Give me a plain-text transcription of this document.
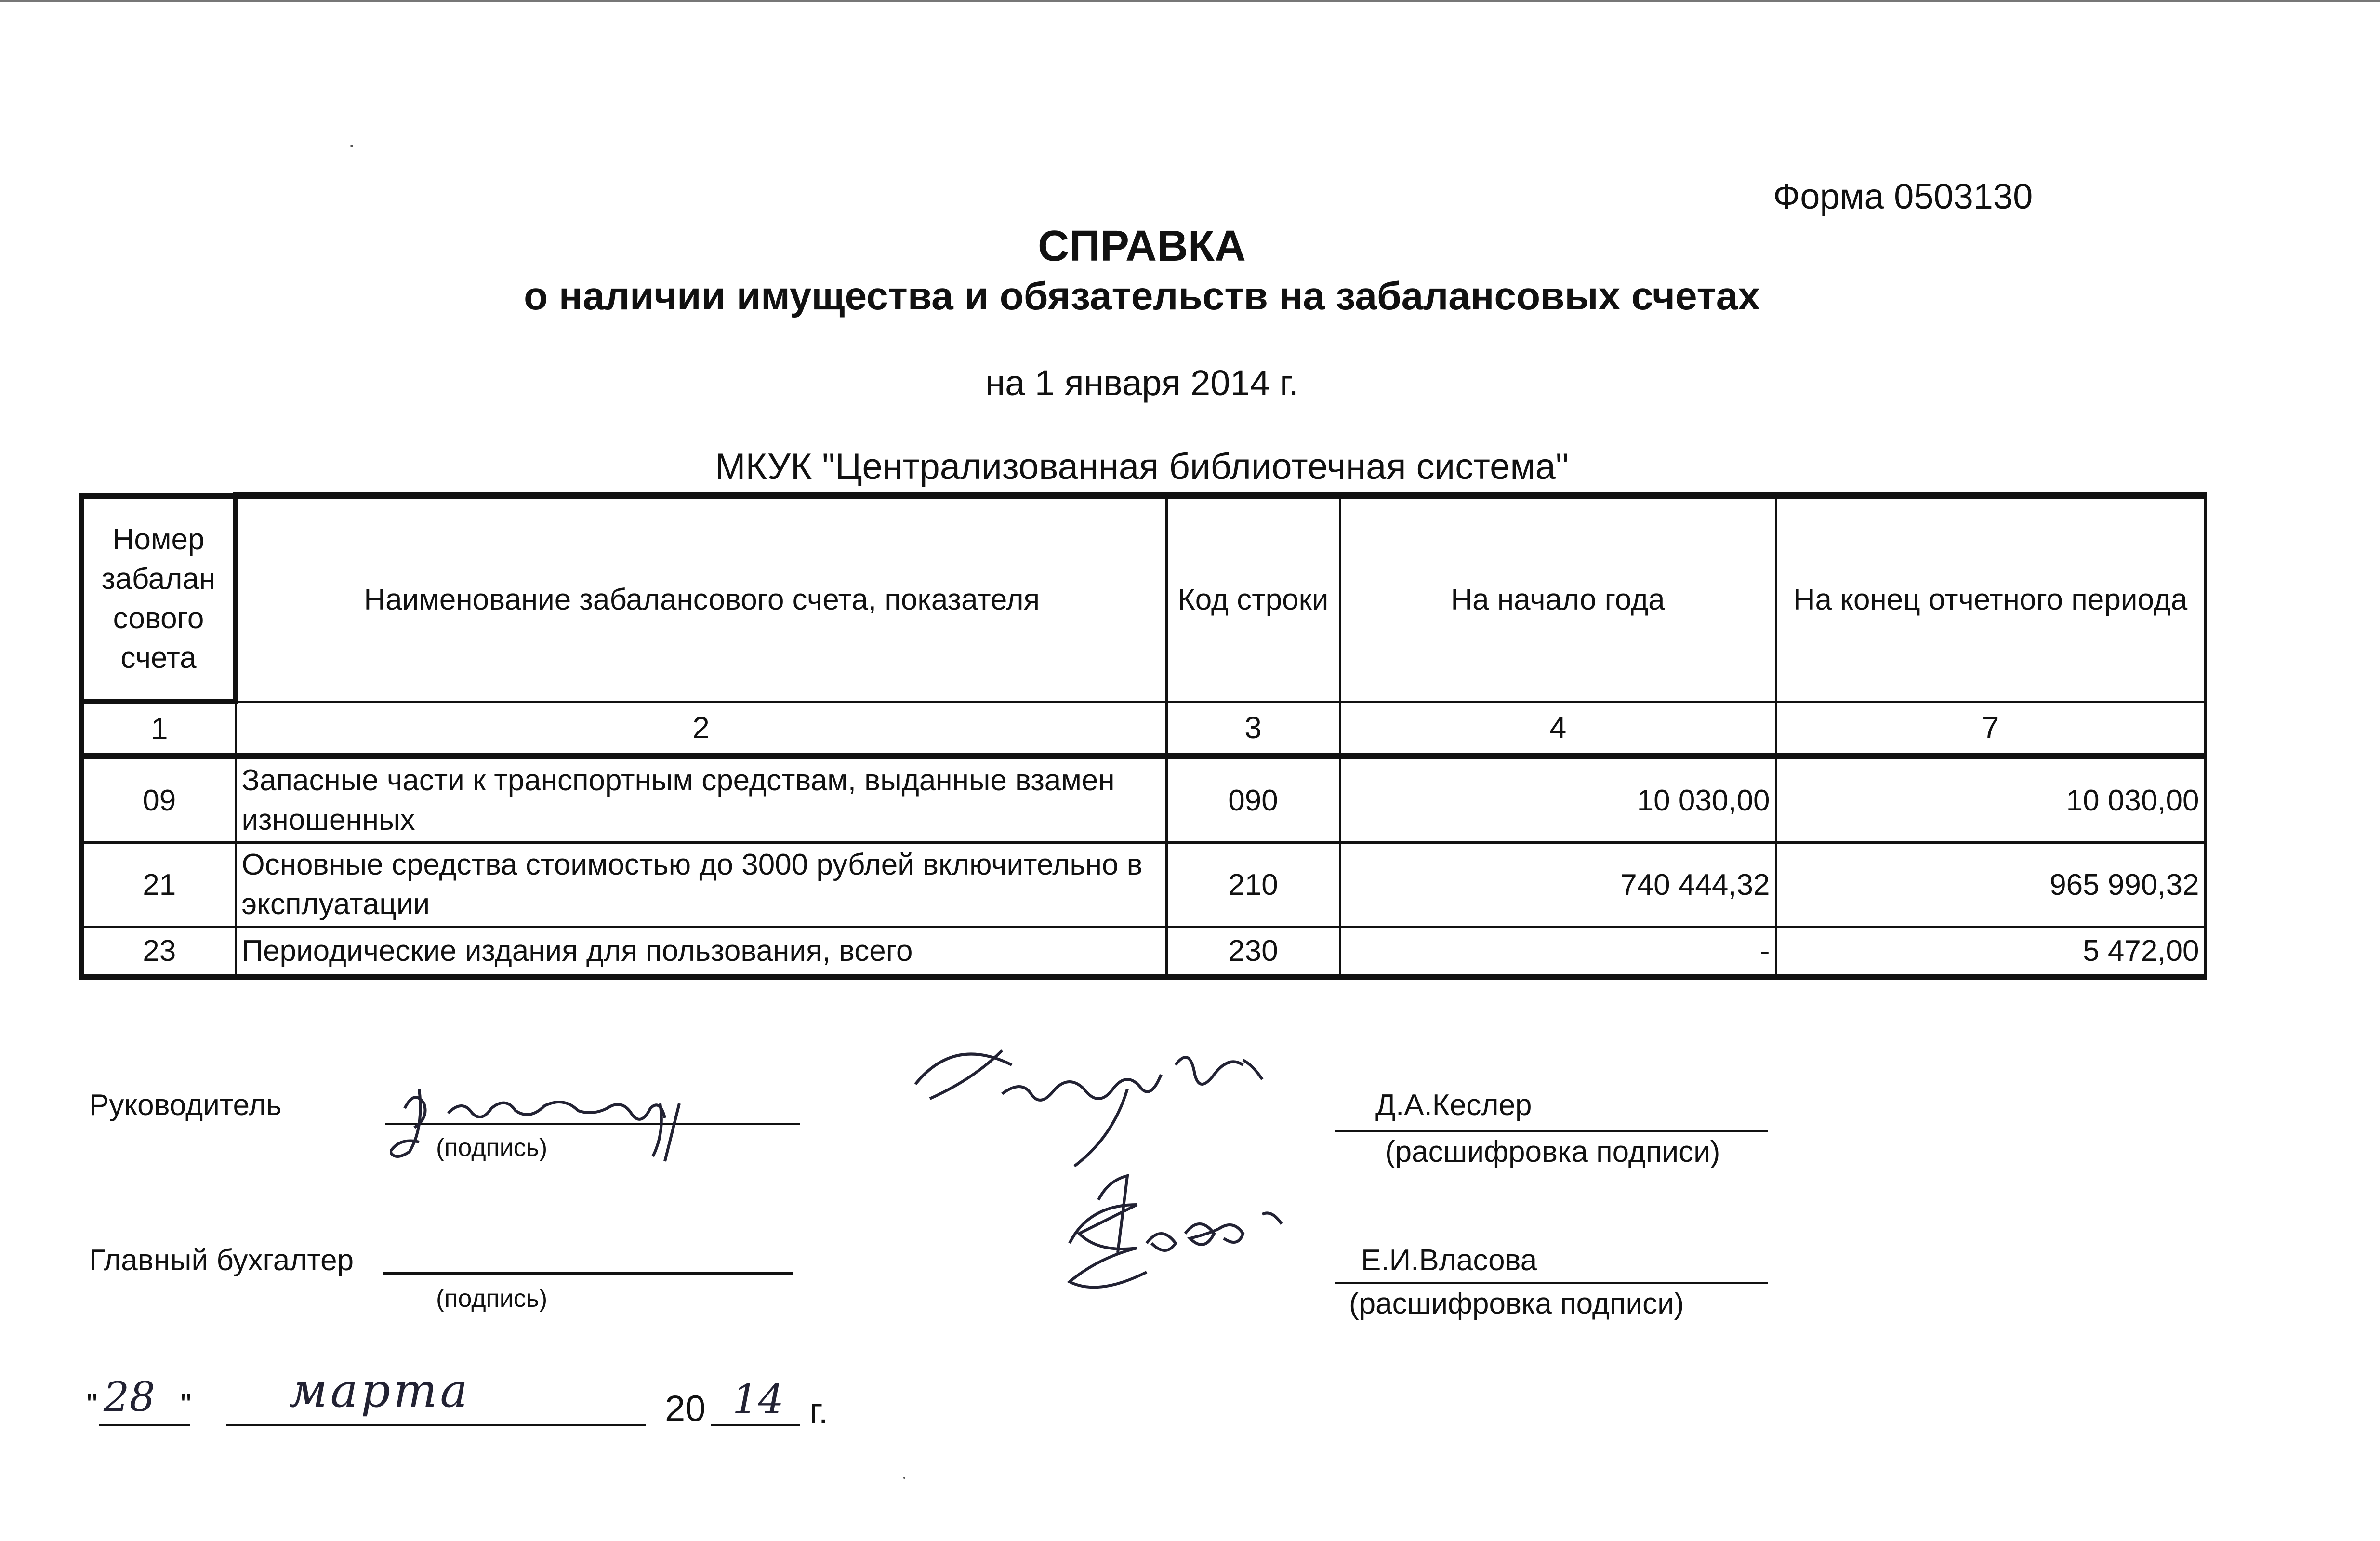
Форма 0503130
СПРАВКА
о наличии имущества и обязательств на забалансовых счетах
на 1 января 2014 г.
МКУК "Централизованная библиотечная система"
Номер забалан сового счета	Наименование забалансового счета, показателя	Код строки	На начало года	На конец отчетного периода
1	2	3	4	7
09	Запасные части к транспортным средствам, выданные взамен изношенных	090	10 030,00	10 030,00
21	Основные средства стоимостью до 3000 рублей включительно в эксплуатации	210	740 444,32	965 990,32
23	Периодические издания для пользования, всего	230	-	5 472,00
Руководитель
(подпись)
Д.А.Кеслер
(расшифровка подписи)
Главный бухгалтер
(подпись)
Е.И.Власова
(расшифровка подписи)
" 28 " марта	20 14 г.
